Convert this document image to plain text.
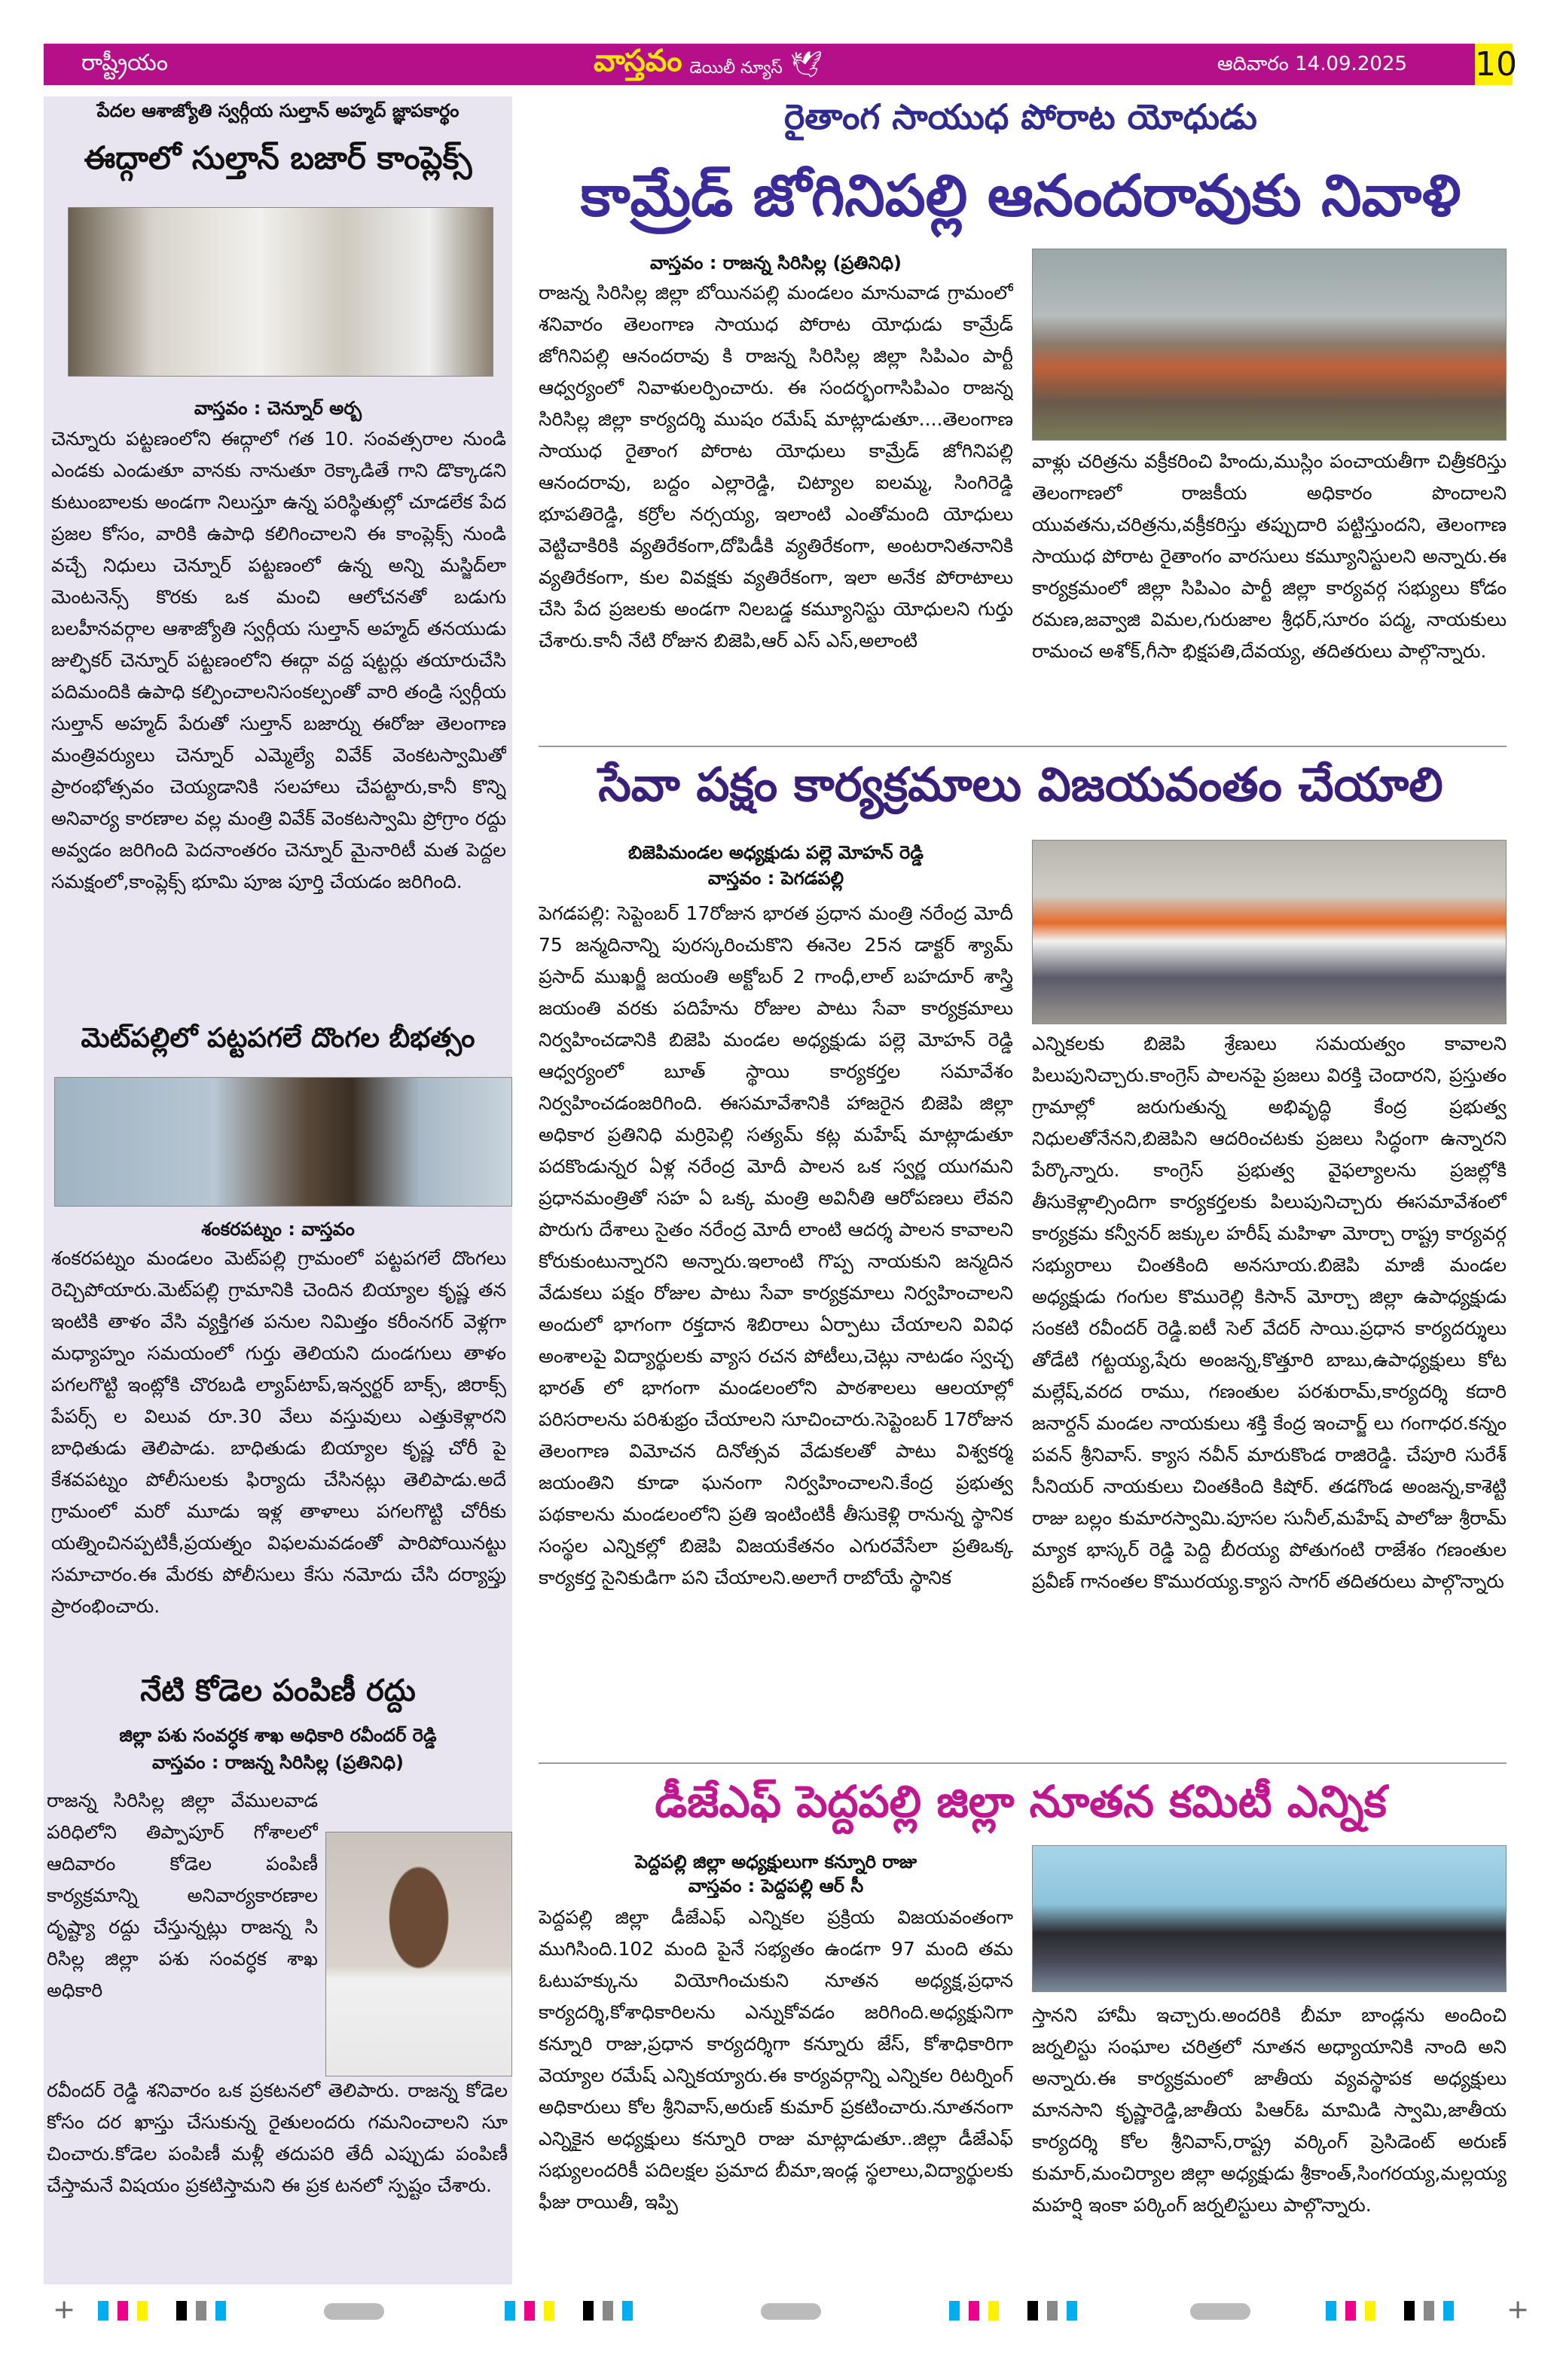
రాష్ట్రీయం	వాస్తవం డెయిలీ న్యూస్ 🕊	ఆదివారం 14.09.2025 10
పేదల ఆశాజ్యోతి స్వర్గీయ సుల్తాన్ అహ్మద్ జ్ఞాపకార్థం
ఈద్గాలో సుల్తాన్ బజార్ కాంప్లెక్స్
వాస్తవం : చెన్నూర్ అర్బ
చెన్నూరు పట్టణంలోని ఈద్గాలో గత 10. సంవత్సరాల నుండి ఎండకు ఎండుతూ వానకు నానుతూ రెక్కాడితే గాని డొక్కాడని కుటుంబాలకు అండగా నిలుస్తూ ఉన్న పరిస్థితుల్లో చూడలేక పేద ప్రజల కోసం, వారికి ఉపాధి కలిగించాలని ఈ కాంప్లెక్స్ నుండి వచ్చే నిధులు చెన్నూర్ పట్టణంలో ఉన్న అన్ని మస్జిద్‌లా మెంటనెన్స్ కొరకు ఒక మంచి ఆలోచనతో బడుగు బలహీనవర్గాల ఆశాజ్యోతి స్వర్గీయ సుల్తాన్ అహ్మద్ తనయుడు జుల్ఫికర్ చెన్నూర్ పట్టణంలోని ఈద్గా వద్ద షట్టర్లు తయారుచేసి పదిమందికి ఉపాధి కల్పించాలనిసంకల్పంతో వారి తండ్రి స్వర్గీయ సుల్తాన్ అహ్మద్ పేరుతో సుల్తాన్ బజార్ను ఈరోజు తెలంగాణ మంత్రివర్యులు చెన్నూర్ ఎమ్మెల్యే వివేక్ వెంకటస్వామితో ప్రారంభోత్సవం చెయ్యడానికి సలహాలు చేపట్టారు,కానీ కొన్ని అనివార్య కారణాల వల్ల మంత్రి వివేక్ వెంకటస్వామి ప్రోగ్రాం రద్దు అవ్వడం జరిగింది పెదనాంతరం చెన్నూర్ మైనారిటీ మత పెద్దల సమక్షంలో,కాంప్లెక్స్ భూమి పూజ పూర్తి చేయడం జరిగింది.
మెట్‌పల్లిలో పట్టపగలే దొంగల బీభత్సం
శంకరపట్నం : వాస్తవం
శంకరపట్నం మండలం మెట్‌పల్లి గ్రామంలో పట్టపగలే దొంగలు రెచ్చిపోయారు.మెట్‌పల్లి గ్రామానికి చెందిన బియ్యాల కృష్ణ తన ఇంటికి తాళం వేసి వ్యక్తిగత పనుల నిమిత్తం కరీంనగర్ వెళ్లగా మధ్యాహ్నం సమయంలో గుర్తు తెలియని దుండగులు తాళం పగలగొట్టి ఇంట్లోకి చొరబడి ల్యాప్‌టాప్,ఇన్వర్టర్ బాక్స్, జిరాక్స్ పేపర్స్ ల విలువ రూ.30 వేలు వస్తువులు ఎత్తుకెళ్లారని బాధితుడు తెలిపాడు. బాధితుడు బియ్యాల కృష్ణ చోరీ పై కేశవపట్నం పోలీసులకు ఫిర్యాదు చేసినట్లు తెలిపాడు.అదే గ్రామంలో మరో మూడు ఇళ్ల తాళాలు పగలగొట్టి చోరీకు యత్నించినప్పటికీ,ప్రయత్నం విఫలమవడంతో పారిపోయినట్టు సమాచారం.ఈ మేరకు పోలీసులు కేసు నమోదు చేసి దర్యాప్తు ప్రారంభించారు.
నేటి కోడెల పంపిణీ రద్దు
జిల్లా పశు సంవర్ధక శాఖ అధికారి రవీందర్ రెడ్డి
వాస్తవం : రాజన్న సిరిసిల్ల (ప్రతినిధి)
రాజన్న సిరిసిల్ల జిల్లా వేములవాడ పరిధిలోని తిప్పాపూర్ గోశాలలో ఆదివారం కోడెల పంపిణీ కార్యక్రమాన్ని అనివార్యకారణాల దృష్ట్యా రద్దు చేస్తున్నట్లు రాజన్న సి రిసిల్ల జిల్లా పశు సంవర్ధక శాఖ అధికారి
రవీందర్ రెడ్డి శనివారం ఒక ప్రకటనలో తెలిపారు. రాజన్న కోడెల కోసం దర ఖాస్తు చేసుకున్న రైతులందరు గమనించాలని సూ చించారు.కోడెల పంపిణీ మళ్లీ తదుపరి తేదీ ఎప్పుడు పంపిణీ చేస్తామనే విషయం ప్రకటిస్తామని ఈ ప్రక టనలో స్పష్టం చేశారు.
రైతాంగ సాయుధ పోరాట యోధుడు
కామ్రేడ్ జోగినిపల్లి ఆనందరావుకు నివాళి
వాస్తవం : రాజన్న సిరిసిల్ల (ప్రతినిధి)
రాజన్న సిరిసిల్ల జిల్లా బోయినపల్లి మండలం మానువాడ గ్రామంలో శనివారం తెలంగాణ సాయుధ పోరాట యోధుడు కామ్రేడ్ జోగినిపల్లి ఆనందరావు కి రాజన్న సిరిసిల్ల జిల్లా సిపిఎం పార్టీ ఆధ్వర్యంలో నివాళులర్పించారు. ఈ సందర్భంగాసిపిఎం రాజన్న సిరిసిల్ల జిల్లా కార్యదర్శి ముషం రమేష్ మాట్లాడుతూ....తెలంగాణ సాయుధ రైతాంగ పోరాట యోధులు కామ్రేడ్ జోగినిపల్లి ఆనందరావు, బద్దం ఎల్లారెడ్డి, చిట్యాల ఐలమ్మ, సింగిరెడ్డి భూపతిరెడ్డి, కర్రోల నర్సయ్య, ఇలాంటి ఎంతోమంది యోధులు వెట్టిచాకిరికి వ్యతిరేకంగా,దోపిడీకి వ్యతిరేకంగా, అంటరానితనానికి వ్యతిరేకంగా, కుల వివక్షకు వ్యతిరేకంగా, ఇలా అనేక పోరాటాలు చేసి పేద ప్రజలకు అండగా నిలబడ్డ కమ్యూనిస్టు యోధులని గుర్తు చేశారు.కానీ నేటి రోజున బిజెపి,ఆర్ ఎస్ ఎస్,అలాంటి
వాళ్లు చరిత్రను వక్రీకరించి హిందు,ముస్లిం పంచాయతీగా చిత్రీకరిస్తు తెలంగాణలో రాజకీయ అధికారం పొందాలని యువతను,చరిత్రను,వక్రీకరిస్తు తప్పుదారి పట్టిస్తుందని, తెలంగాణ సాయుధ పోరాట రైతాంగం వారసులు కమ్యూనిస్టులని అన్నారు.ఈ కార్యక్రమంలో జిల్లా సిపిఎం పార్టీ జిల్లా కార్యవర్గ సభ్యులు కోడం రమణ,జవ్వాజి విమల,గురుజాల శ్రీధర్,సూరం పద్మ, నాయకులు రామంచ అశోక్,గీసా భిక్షపతి,దేవయ్య, తదితరులు పాల్గొన్నారు.
సేవా పక్షం కార్యక్రమాలు విజయవంతం చేయాలి
బిజెపిమండల అధ్యక్షుడు పల్లె మోహన్ రెడ్డి
వాస్తవం : పెగడపల్లి
పెగడపల్లి: సెప్టెంబర్ 17రోజున భారత ప్రధాన మంత్రి నరేంద్ర మోదీ 75 జన్మదినాన్ని పురస్కరించుకొని ఈనెల 25న డాక్టర్ శ్యామ్ ప్రసాద్ ముఖర్జీ జయంతి అక్టోబర్ 2 గాంధీ,లాల్ బహదూర్ శాస్త్రి జయంతి వరకు పదిహేను రోజుల పాటు సేవా కార్యక్రమాలు నిర్వహించడానికి బిజెపి మండల అధ్యక్షుడు పల్లె మోహన్ రెడ్డి ఆధ్వర్యంలో బూత్ స్థాయి కార్యకర్తల సమావేశం నిర్వహించడంజరిగింది. ఈసమావేశానికి హాజరైన బిజెపి జిల్లా అధికార ప్రతినిధి మర్రిపెల్లి సత్యమ్ కట్ల మహేష్ మాట్లాడుతూ పదకొండున్నర ఏళ్ల నరేంద్ర మోదీ పాలన ఒక స్వర్ణ యుగమని ప్రధానమంత్రితో సహ ఏ ఒక్క మంత్రి అవినీతి ఆరోపణలు లేవని పొరుగు దేశాలు సైతం నరేంద్ర మోదీ లాంటి ఆదర్శ పాలన కావాలని కోరుకుంటున్నారని అన్నారు.ఇలాంటి గొప్ప నాయకుని జన్మదిన వేడుకలు పక్షం రోజుల పాటు సేవా కార్యక్రమాలు నిర్వహించాలని అందులో భాగంగా రక్తదాన శిబిరాలు ఏర్పాటు చేయాలని వివిధ అంశాలపై విద్యార్థులకు వ్యాస రచన పోటీలు,చెట్లు నాటడం స్వచ్ఛ భారత్ లో భాగంగా మండలంలోని పాఠశాలలు ఆలయాల్లో పరిసరాలను పరిశుభ్రం చేయాలని సూచించారు.సెప్టెంబర్ 17రోజున తెలంగాణ విమోచన దినోత్సవ వేడుకలతో పాటు విశ్వకర్మ జయంతిని కూడా ఘనంగా నిర్వహించాలని.కేంద్ర ప్రభుత్వ పథకాలను మండలంలోని ప్రతి ఇంటింటికీ తీసుకెళ్లి రానున్న స్థానిక సంస్థల ఎన్నికల్లో బిజెపి విజయకేతనం ఎగురవేసేలా ప్రతిఒక్క కార్యకర్త సైనికుడిగా పని చేయాలని.అలాగే రాబోయే స్థానిక
ఎన్నికలకు బిజెపి శ్రేణులు సమయత్వం కావాలని పిలుపునిచ్చారు.కాంగ్రెస్ పాలనపై ప్రజలు విరక్తి చెందారని, ప్రస్తుతం గ్రామాల్లో జరుగుతున్న అభివృద్ధి కేంద్ర ప్రభుత్వ నిధులతోనేనని,బిజెపిని ఆదరించటకు ప్రజలు సిద్ధంగా ఉన్నారని పేర్కొన్నారు. కాంగ్రెస్ ప్రభుత్వ వైఫల్యాలను ప్రజల్లోకి తీసుకెళ్లాల్సిందిగా కార్యకర్తలకు పిలుపునిచ్చారు ఈసమావేశంలో కార్యక్రమ కన్వీనర్ జక్కుల హరీష్ మహిళా మోర్చా రాష్ట్ర కార్యవర్గ సభ్యురాలు చింతకింది అనసూయ.బిజెపి మాజీ మండల అధ్యక్షుడు గంగుల కొమురెల్లి కిసాన్ మోర్చా జిల్లా ఉపాధ్యక్షుడు సంకటి రవీందర్ రెడ్డి.ఐటీ సెల్ వేదర్ సాయి.ప్రధాన కార్యదర్శులు తోడేటి గట్టయ్య,షేరు అంజన్న,కొత్తూరి బాబు,ఉపాధ్యక్షులు కోట మల్లేష్,వరద రాము, గణంతుల పరశురామ్,కార్యదర్శి కదారి జనార్దన్ మండల నాయకులు శక్తి కేంద్ర ఇంచార్జ్ లు గంగాధర.కన్నం పవన్ శ్రీనివాస్. క్యాస నవీన్ మారుకొండ రాజిరెడ్డి. చేపూరి సురేశ్ సీనియర్ నాయకులు చింతకింది కిషోర్. తడగొండ అంజన్న,కాశెట్టి రాజు బల్లం కుమారస్వామి.పూసల సునీల్,మహేష్ పాలోజు శ్రీరామ్ మ్యాక భాస్కర్ రెడ్డి పెద్ది బీరయ్య పోతుగంటి రాజేశం గణంతుల ప్రవీణ్ గానంతల కొమురయ్య.క్యాస సాగర్ తదితరులు పాల్గొన్నారు
డీజేఎఫ్ పెద్దపల్లి జిల్లా నూతన కమిటీ ఎన్నిక
పెద్దపల్లి జిల్లా అధ్యక్షులుగా కన్నూరి రాజు
వాస్తవం : పెద్దపల్లి ఆర్ సీ
పెద్దపల్లి జిల్లా డీజేఎఫ్ ఎన్నికల ప్రక్రియ విజయవంతంగా ముగిసింది.102 మంది పైనే సభ్యతం ఉండగా 97 మంది తమ ఓటుహక్కును వియోగించుకుని నూతన అధ్యక్ష,ప్రధాన కార్యదర్శి,కోశాధికారిలను ఎన్నుకోవడం జరిగింది.అధ్యక్షునిగా కన్నూరి రాజు,ప్రధాన కార్యదర్శిగా కన్నూరు జేస్, కోశాధికారిగా వెయ్యాల రమేష్ ఎన్నికయ్యారు.ఈ కార్యవర్గాన్ని ఎన్నికల రిటర్నింగ్ అధికారులు కోల శ్రీనివాస్,అరుణ్ కుమార్ ప్రకటించారు.నూతనంగా ఎన్నికైన అధ్యక్షులు కన్నూరి రాజు మాట్లాడుతూ..జిల్లా డీజేఎఫ్ సభ్యులందరికీ పదిలక్షల ప్రమాద బీమా,ఇండ్ల స్థలాలు,విద్యార్థులకు ఫీజు రాయితీ, ఇప్పి
స్తానని హామీ ఇచ్చారు.అందరికి బీమా బాండ్లను అందించి జర్నలిస్టు సంఘాల చరిత్రలో నూతన అధ్యాయానికి నాంది అని అన్నారు.ఈ కార్యక్రమంలో జాతీయ వ్యవస్థాపక అధ్యక్షులు మానసాని కృష్ణారెడ్డి,జాతీయ పిఆర్ఓ మామిడి స్వామి,జాతీయ కార్యదర్శి కోల శ్రీనివాస్,రాష్ట్ర వర్కింగ్ ప్రెసిడెంట్ అరుణ్ కుమార్,మంచిర్యాల జిల్లా అధ్యక్షుడు శ్రీకాంత్,సింగరయ్య,మల్లయ్య మహర్షి ఇంకా పర్కింగ్ జర్నలిస్టులు పాల్గొన్నారు.
+	+
